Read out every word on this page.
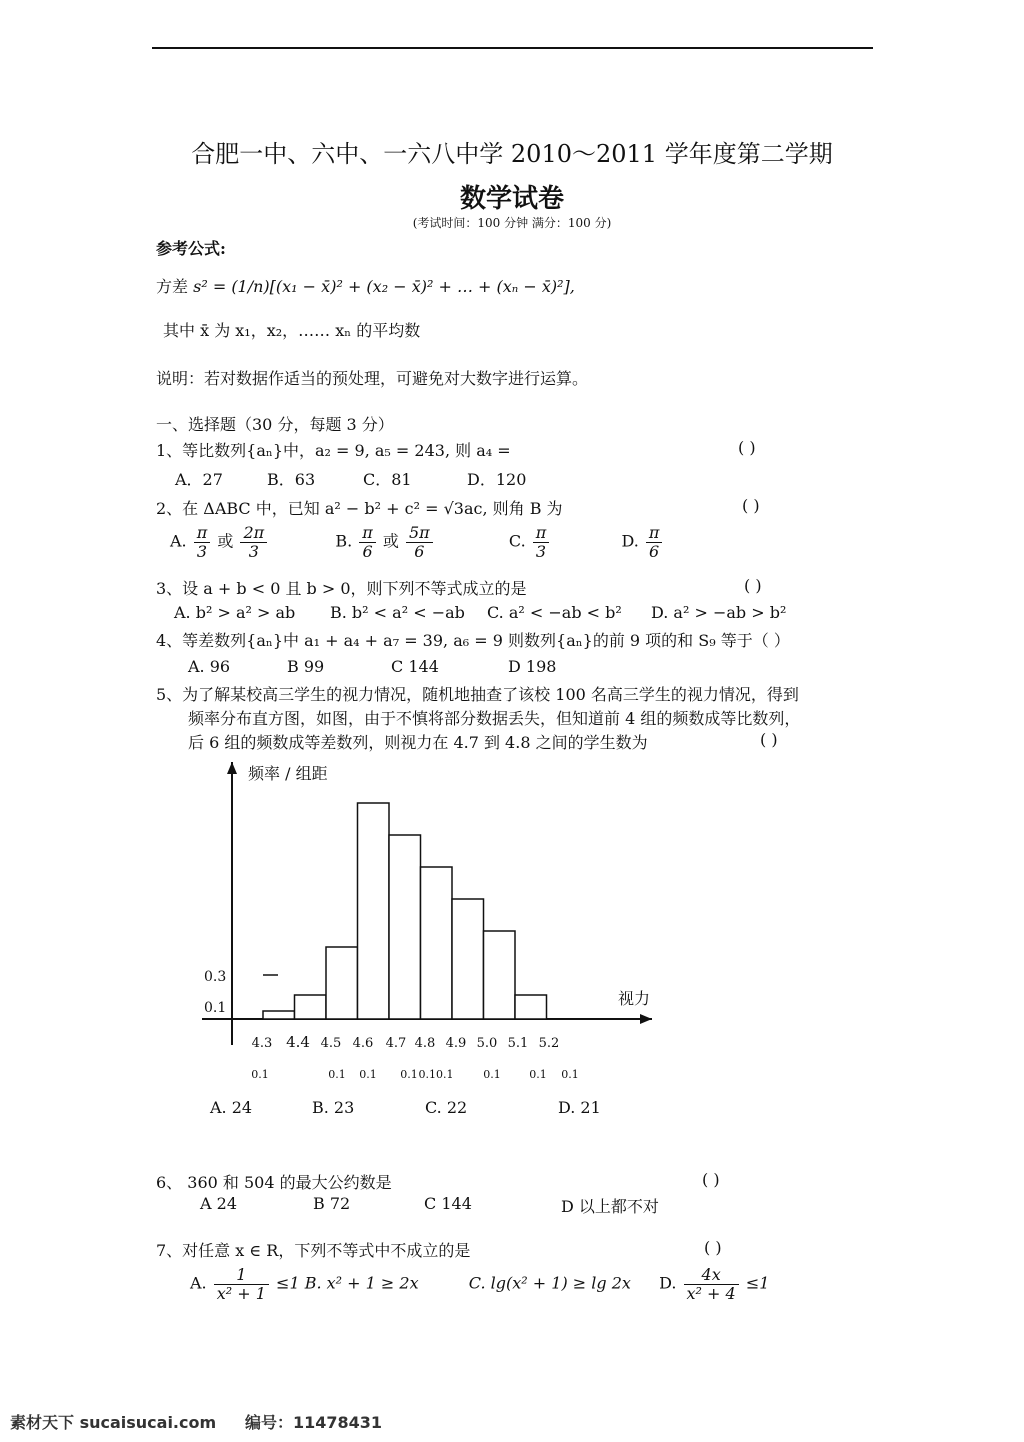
合肥一中、六中、一六八中学 2010～2011 学年度第二学期
数学试卷
(考试时间：100 分钟 满分：100 分)
参考公式:
方差 s² = (1/n)[(x₁ − x̄)² + (x₂ − x̄)² + … + (xₙ − x̄)²],
其中 x̄ 为 x₁，x₂，…… xₙ 的平均数
说明：若对数据作适当的预处理，可避免对大数字进行运算。
一、选择题（30 分，每题 3 分）
1、等比数列{aₙ}中，a₂ = 9, a₅ = 243, 则 a₄ =	( )
A．27	B．63	C．81	D．120
2、在 ΔABC 中，已知 a² − b² + c² = √3ac, 则角 B 为	( )
A. $\frac{\pi}{3}$ 或 $\frac{2\pi}{3}$	B. $\frac{\pi}{6}$ 或 $\frac{5\pi}{6}$	C. $\frac{\pi}{3}$	D. $\frac{\pi}{6}$
3、设 a + b < 0 且 b > 0，则下列不等式成立的是	( )
A. b² > a² > ab B. b² < a² < −ab C. a² < −ab < b² D. a² > −ab > b²
4、等差数列{aₙ}中 a₁ + a₄ + a₇ = 39, a₆ = 9 则数列{aₙ}的前 9 项的和 S₉ 等于（ ）
A. 96	B 99	C 144	D 198
5、为了解某校高三学生的视力情况，随机地抽查了该校 100 名高三学生的视力情况，得到
频率分布直方图，如图，由于不慎将部分数据丢失，但知道前 4 组的频数成等比数列，
后 6 组的频数成等差数列，则视力在 4.7 到 4.8 之间的学生数为	( )
频率 / 组距
视力
0.3
0.1
4.3 4.4 4.5 4.6 4.7 4.8 4.9 5.0 5.1 5.2
0.1	0.1 0.1 0.1 0.10.1	0.1	0.1 0.1
A. 24	B. 23	C. 22	D. 21
6、 360 和 504 的最大公约数是	( )
A 24	B 72	C 144	D 以上都不对
7、对任意 x ∈ R，下列不等式中不成立的是	( )
A. $\frac{1}{\text{x² + 1}} \le 1$ B. x² + 1 ≥ 2x	C. lg(x² + 1) ≥ lg 2x D. $\frac{4x}{\text{x² + 4}} \le 1$
素材天下 sucaisucai.com 编号：11478431
